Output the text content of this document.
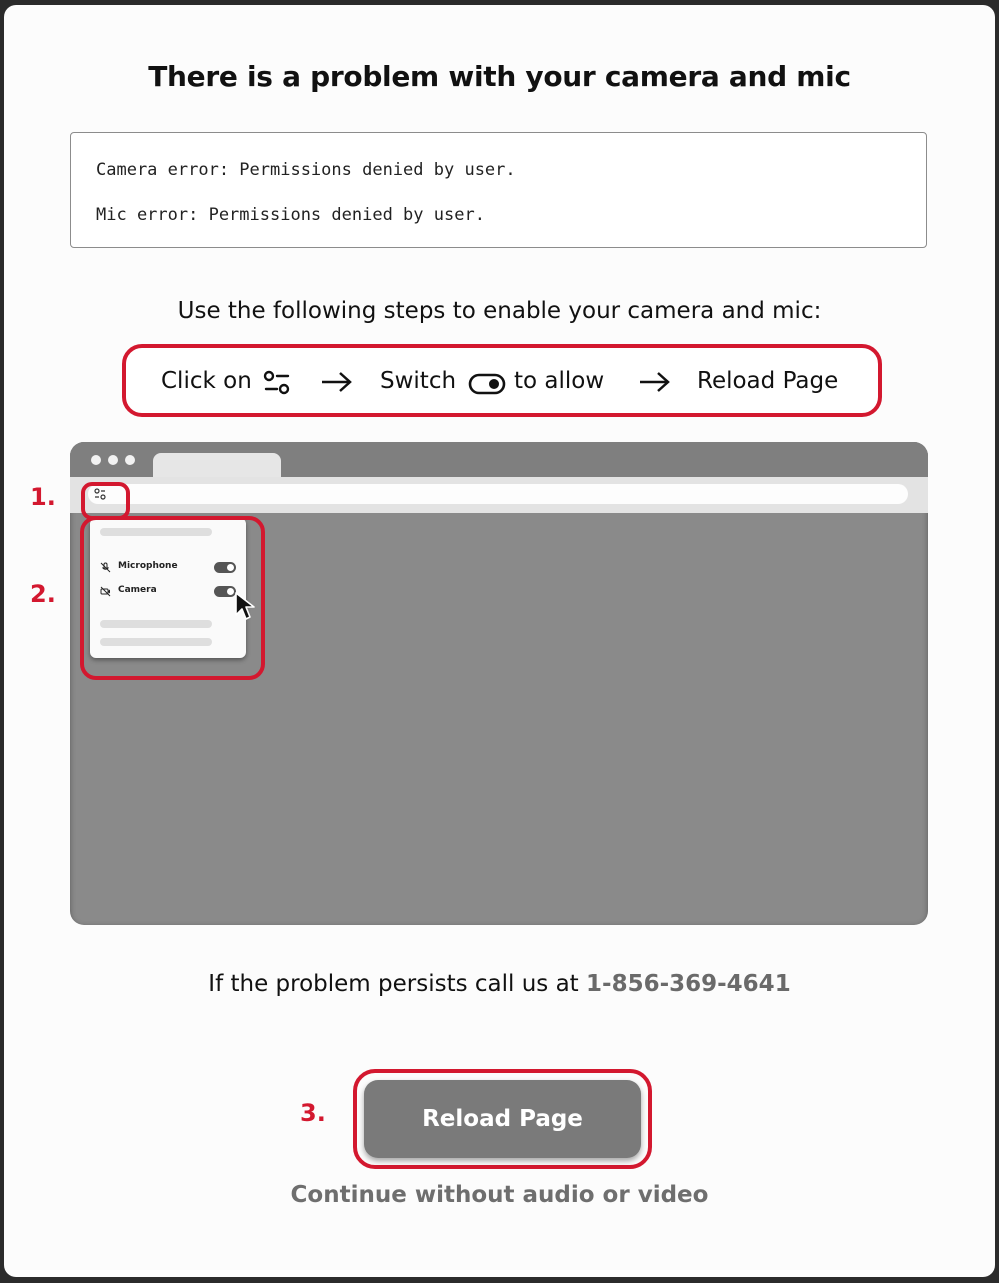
There is a problem with your camera and mic
Camera error: Permissions denied by user.
Mic error: Permissions denied by user.
Use the following steps to enable your camera and mic:
Click on	Switch	to allow	Reload Page
Microphone
Camera
1.
2.
If the problem persists call us at 1-856-369-4641
3.	Reload Page
Continue without audio or video
